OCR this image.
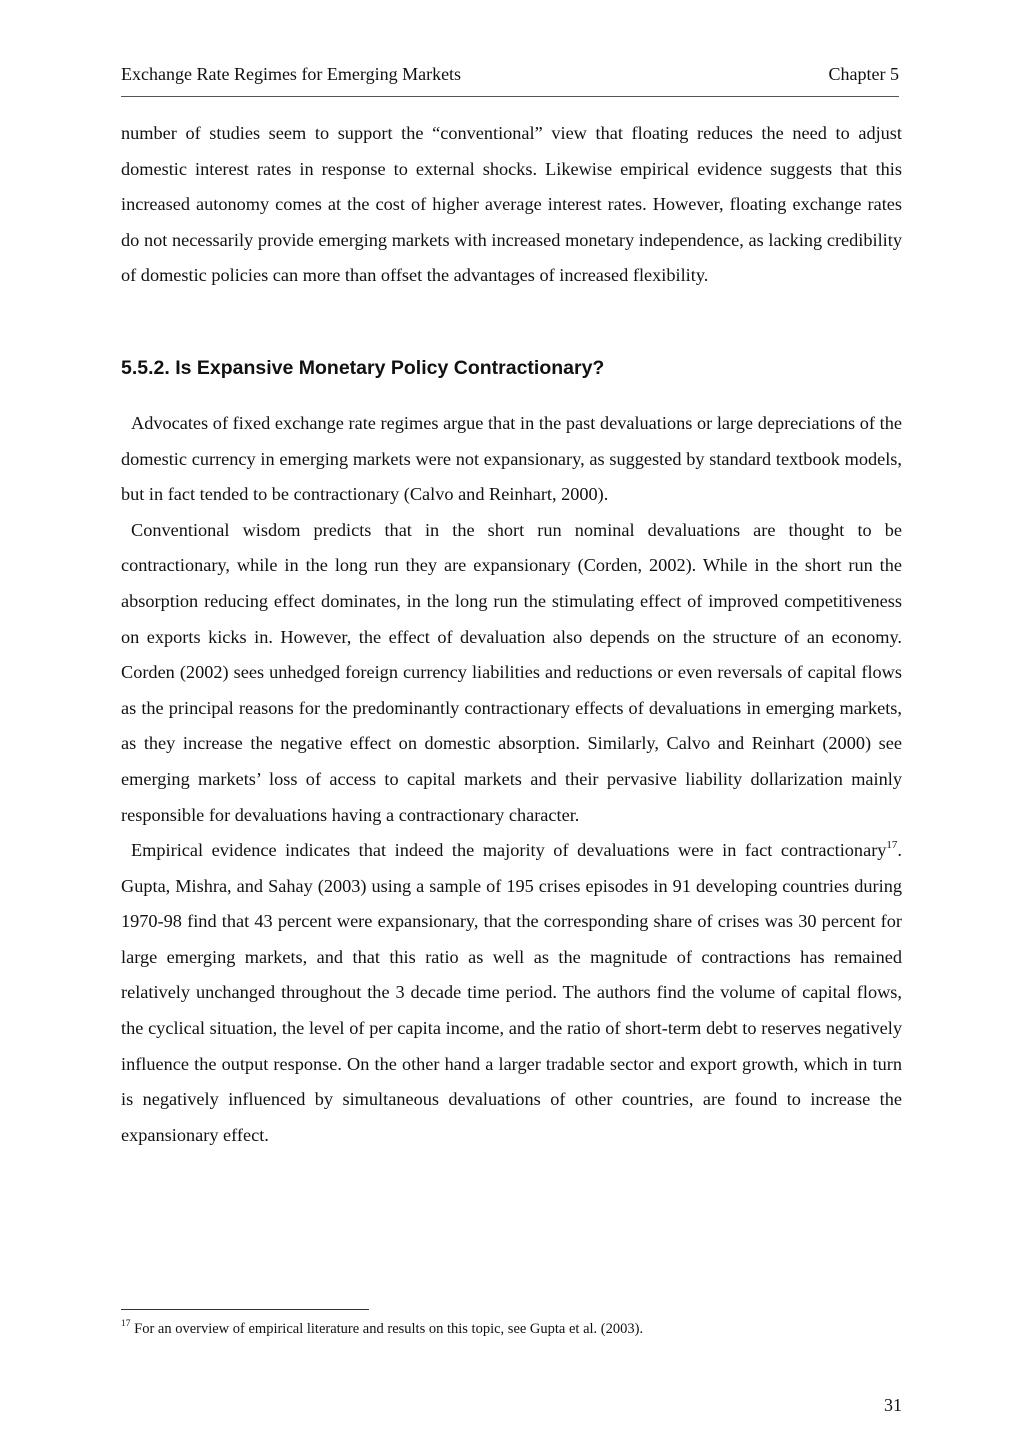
Exchange Rate Regimes for Emerging Markets	Chapter 5

number of studies seem to support the “conventional” view that floating reduces the need to adjust domestic interest rates in response to external shocks. Likewise empirical evidence suggests that this increased autonomy comes at the cost of higher average interest rates. However, floating exchange rates do not necessarily provide emerging markets with increased monetary independence, as lacking credibility of domestic policies can more than offset the advantages of increased flexibility.

5.5.2. Is Expansive Monetary Policy Contractionary?

Advocates of fixed exchange rate regimes argue that in the past devaluations or large depreciations of the domestic currency in emerging markets were not expansionary, as suggested by standard textbook models, but in fact tended to be contractionary (Calvo and Reinhart, 2000).

Conventional wisdom predicts that in the short run nominal devaluations are thought to be contractionary, while in the long run they are expansionary (Corden, 2002). While in the short run the absorption reducing effect dominates, in the long run the stimulating effect of improved competitiveness on exports kicks in. However, the effect of devaluation also depends on the structure of an economy. Corden (2002) sees unhedged foreign currency liabilities and reductions or even reversals of capital flows as the principal reasons for the predominantly contractionary effects of devaluations in emerging markets, as they increase the negative effect on domestic absorption. Similarly, Calvo and Reinhart (2000) see emerging markets’ loss of access to capital markets and their pervasive liability dollarization mainly responsible for devaluations having a contractionary character.

Empirical evidence indicates that indeed the majority of devaluations were in fact contractionary$^{17}$. Gupta, Mishra, and Sahay (2003) using a sample of 195 crises episodes in 91 developing countries during 1970-98 find that 43 percent were expansionary, that the corresponding share of crises was 30 percent for large emerging markets, and that this ratio as well as the magnitude of contractions has remained relatively unchanged throughout the 3 decade time period. The authors find the volume of capital flows, the cyclical situation, the level of per capita income, and the ratio of short-term debt to reserves negatively influence the output response. On the other hand a larger tradable sector and export growth, which in turn is negatively influenced by simultaneous devaluations of other countries, are found to increase the expansionary effect.

$^{17}$ For an overview of empirical literature and results on this topic, see Gupta et al. (2003).
31
